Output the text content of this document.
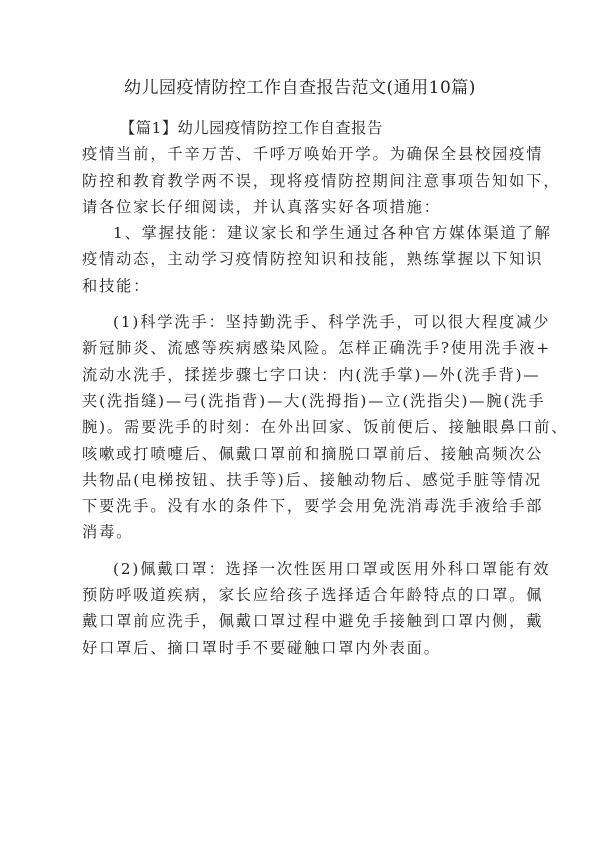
幼儿园疫情防控工作自查报告范文(通用10篇)
【篇1】幼儿园疫情防控工作自查报告
疫情当前，千辛万苦、千呼万唤始开学。为确保全县校园疫情
防控和教育教学两不误，现将疫情防控期间注意事项告知如下，
请各位家长仔细阅读，并认真落实好各项措施：
1、掌握技能：建议家长和学生通过各种官方媒体渠道了解
疫情动态，主动学习疫情防控知识和技能，熟练掌握以下知识
和技能：
(1)科学洗手：坚持勤洗手、科学洗手，可以很大程度减少
新冠肺炎、流感等疾病感染风险。怎样正确洗手?使用洗手液+
流动水洗手，揉搓步骤七字口诀：内(洗手掌)—外(洗手背)—
夹(洗指缝)—弓(洗指背)—大(洗拇指)—立(洗指尖)—腕(洗手
腕)。需要洗手的时刻：在外出回家、饭前便后、接触眼鼻口前、
咳嗽或打喷嚏后、佩戴口罩前和摘脱口罩前后、接触高频次公
共物品(电梯按钮、扶手等)后、接触动物后、感觉手脏等情况
下要洗手。没有水的条件下，要学会用免洗消毒洗手液给手部
消毒。
(2)佩戴口罩：选择一次性医用口罩或医用外科口罩能有效
预防呼吸道疾病，家长应给孩子选择适合年龄特点的口罩。佩
戴口罩前应洗手，佩戴口罩过程中避免手接触到口罩内侧，戴
好口罩后、摘口罩时手不要碰触口罩内外表面。
